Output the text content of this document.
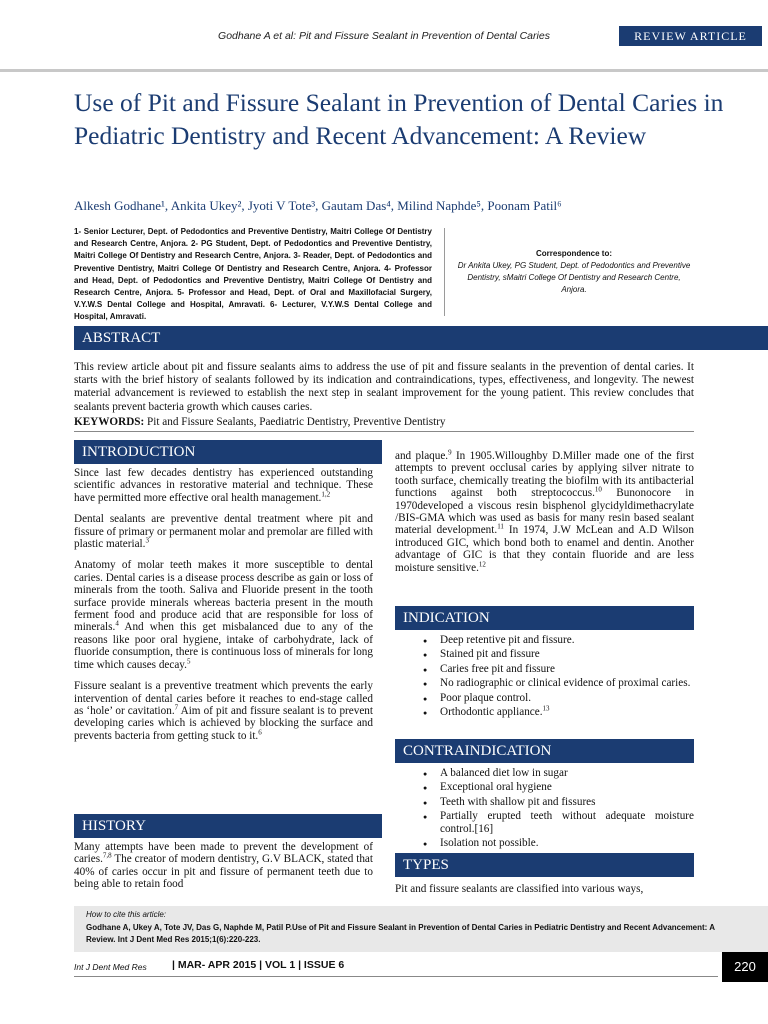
Godhane A et al: Pit and Fissure Sealant in Prevention of Dental Caries	REVIEW ARTICLE
Use of Pit and Fissure Sealant in Prevention of Dental Caries in Pediatric Dentistry and Recent Advancement: A Review
Alkesh Godhane¹, Ankita Ukey², Jyoti V Tote³, Gautam Das⁴, Milind Naphde⁵, Poonam Patil⁶
1- Senior Lecturer, Dept. of Pedodontics and Preventive Dentistry, Maitri College Of Dentistry and Research Centre, Anjora. 2- PG Student, Dept. of Pedodontics and Preventive Dentistry, Maitri College Of Dentistry and Research Centre, Anjora. 3- Reader, Dept. of Pedodontics and Preventive Dentistry, Maitri College Of Dentistry and Research Centre, Anjora. 4- Professor and Head, Dept. of Pedodontics and Preventive Dentistry, Maitri College Of Dentistry and Research Centre, Anjora. 5- Professor and Head, Dept. of Oral and Maxillofacial Surgery, V.Y.W.S Dental College and Hospital, Amravati. 6- Lecturer, V.Y.W.S Dental College and Hospital, Amravati.
Correspondence to:
Dr Ankita Ukey, PG Student, Dept. of Pedodontics and Preventive Dentistry, sMaitri College Of Dentistry and Research Centre, Anjora.
ABSTRACT
This review article about pit and fissure sealants aims to address the use of pit and fissure sealants in the prevention of dental caries. It starts with the brief history of sealants followed by its indication and contraindications, types, effectiveness, and longevity. The newest material advancement is reviewed to establish the next step in sealant improvement for the young patient. This review concludes that sealants prevent bacteria growth which causes caries.
KEYWORDS: Pit and Fissure Sealants, Paediatric Dentistry, Preventive Dentistry
INTRODUCTION

Since last few decades dentistry has experienced outstanding scientific advances in restorative material and technique. These have permitted more effective oral health management.$^{1,2}$

Dental sealants are preventive dental treatment where pit and fissure of primary or permanent molar and premolar are filled with plastic material.$^3$

Anatomy of molar teeth makes it more susceptible to dental caries. Dental caries is a disease process describe as gain or loss of minerals from the tooth. Saliva and Fluoride present in the tooth surface provide minerals whereas bacteria present in the mouth ferment food and produce acid that are responsible for loss of minerals.$^4$ And when this get misbalanced due to any of the reasons like poor oral hygiene, intake of carbohydrate, lack of fluoride consumption, there is continuous loss of minerals for long time which causes decay.$^5$

Fissure sealant is a preventive treatment which prevents the early intervention of dental caries before it reaches to end-stage called as ‘hole’ or cavitation.$^7$ Aim of pit and fissure sealant is to prevent developing caries which is achieved by blocking the surface and prevents bacteria from getting stuck to it.$^6$

HISTORY

Many attempts have been made to prevent the development of caries.$^{7,8}$ The creator of modern dentistry, G.V BLACK, stated that 40% of caries occur in pit and fissure of permanent teeth due to being able to retain food

and plaque.$^9$ In 1905.Willoughby D.Miller made one of the first attempts to prevent occlusal caries by applying silver nitrate to tooth surface, chemically treating the biofilm with its antibacterial functions against both streptococcus.$^{10}$ Bunonocore in 1970developed a viscous resin bisphenol glycidyldimethacrylate /BIS-GMA which was used as basis for many resin based sealant material development.$^{11}$ In 1974, J.W McLean and A.D Wilson introduced GIC, which bond both to enamel and dentin. Another advantage of GIC is that they contain fluoride and are less moisture sensitive.$^{12}$

INDICATION
● Deep retentive pit and fissure.
● Stained pit and fissure
● Caries free pit and fissure
● No radiographic or clinical evidence of proximal caries.
● Poor plaque control.
● Orthodontic appliance.$^{13}$
CONTRAINDICATION
● A balanced diet low in sugar
● Exceptional oral hygiene
● Teeth with shallow pit and fissures
● Partially erupted teeth without adequate moisture control.[16]
● Isolation not possible.
TYPES
Pit and fissure sealants are classified into various ways,
How to cite this article:
Godhane A, Ukey A, Tote JV, Das G, Naphde M, Patil P.Use of Pit and Fissure Sealant in Prevention of Dental Caries in Pediatric Dentistry and Recent Advancement: A Review. Int J Dent Med Res 2015;1(6):220-223.
Int J Dent Med Res | MAR- APR 2015 | VOL 1 | ISSUE 6	220
